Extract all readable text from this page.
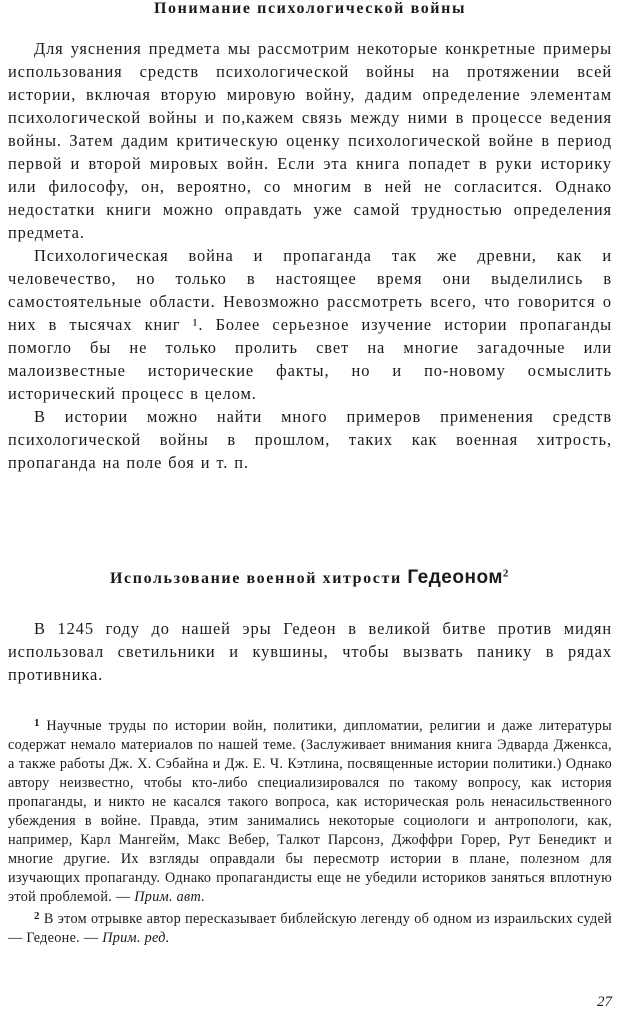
Понимание психологической войны

Для уяснения предмета мы рассмотрим некоторые конкретные примеры использования средств психологической войны на протяжении всей истории, включая вторую мировую войну, дадим определение элементам психологической войны и по,кажем связь между ними в процессе ведения войны. Затем дадим критическую оценку психологической войне в период первой и второй мировых войн. Если эта книга попадет в руки историку или философу, он, вероятно, со многим в ней не согласится. Однако недостатки книги можно оправдать уже самой трудностью определения предмета.

Психологическая война и пропаганда так же древни, как и человечество, но только в настоящее время они выделились в самостоятельные области. Невозможно рассмотреть всего, что говорится о них в тысячах книг ¹. Более серьезное изучение истории пропаганды помогло бы не только пролить свет на многие загадочные или малоизвестные исторические факты, но и по-новому осмыслить исторический процесс в целом.

В истории можно найти много примеров применения средств психологической войны в прошлом, таких как военная хитрость, пропаганда на поле боя и т. п.

Использование военной хитрости Гедеоном$^2$

В 1245 году до нашей эры Гедеон в великой битве против мидян использовал светильники и кувшины, чтобы вызвать панику в рядах противника.

$^1$ Научные труды по истории войн, политики, дипломатии, религии и даже литературы содержат немало материалов по нашей теме. (Заслуживает внимания книга Эдварда Дженкса, а также работы Дж. Х. Сэбайна и Дж. Е. Ч. Кэтлина, посвященные истории политики.) Однако автору неизвестно, чтобы кто-либо специализировался по такому вопросу, как история пропаганды, и никто не касался такого вопроса, как историческая роль ненасильственного убеждения в войне. Правда, этим занимались некоторые социологи и антропологи, как, например, Карл Мангейм, Макс Вебер, Талкот Парсонз, Джоффри Горер, Рут Бенедикт и многие другие. Их взгляды оправдали бы пересмотр истории в плане, полезном для изучающих пропаганду. Однако пропагандисты еще не убедили историков заняться вплотную этой проблемой. — Прим. авт.

$^2$ В этом отрывке автор пересказывает библейскую легенду об одном из израильских судей — Гедеоне. — Прим. ред.

27
